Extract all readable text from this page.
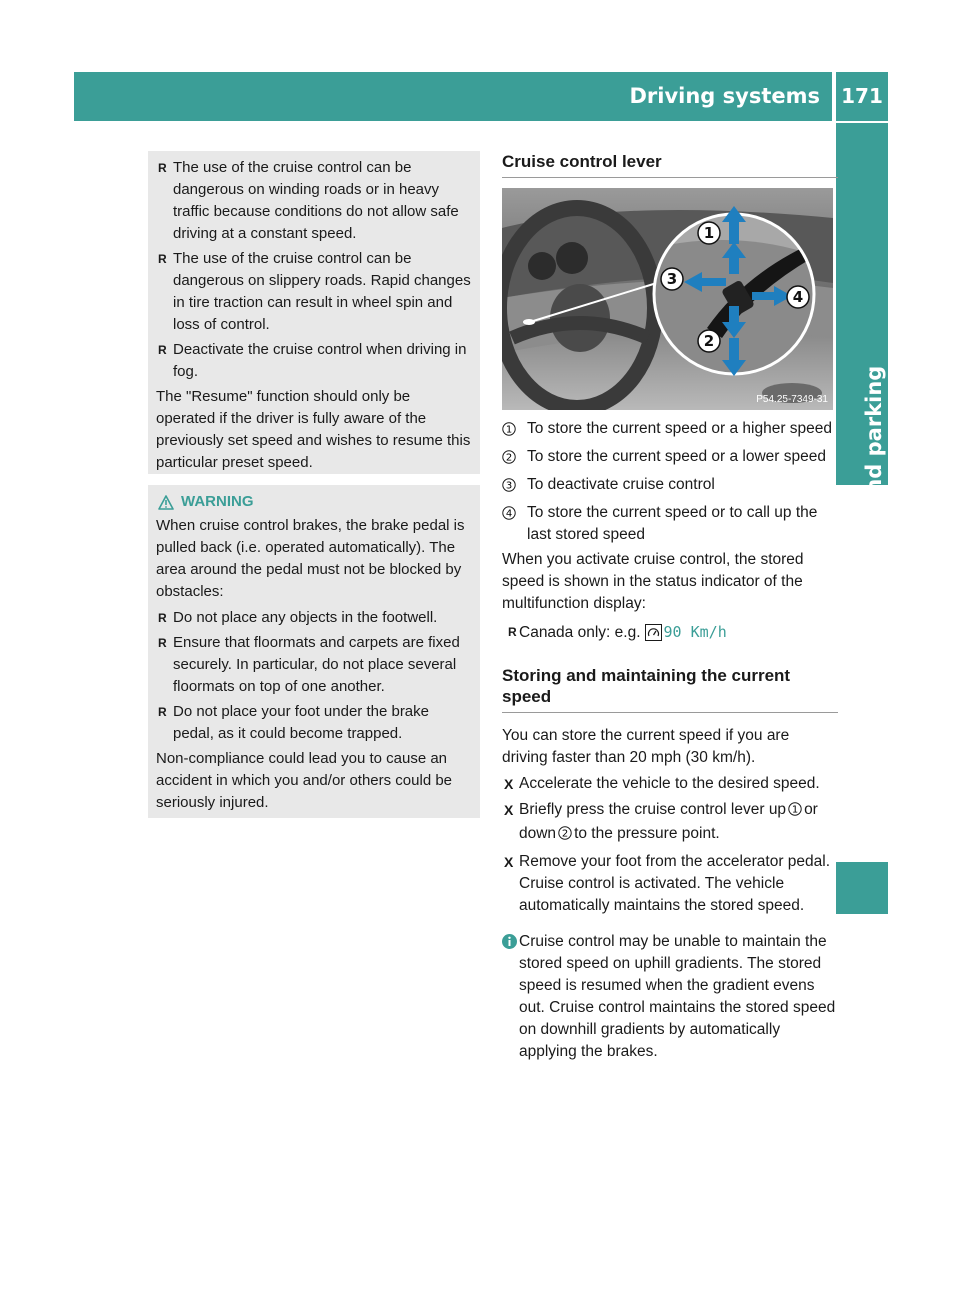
Driving systems 171
Driving and parking
R The use of the cruise control can be dangerous on winding roads or in heavy traffic because conditions do not allow safe driving at a constant speed.
R The use of the cruise control can be dangerous on slippery roads. Rapid changes in tire traction can result in wheel spin and loss of control.
R Deactivate the cruise control when driving in fog.
The "Resume" function should only be operated if the driver is fully aware of the previously set speed and wishes to resume this particular preset speed.
WARNING
When cruise control brakes, the brake pedal is pulled back (i.e. operated automatically). The area around the pedal must not be blocked by obstacles:
R Do not place any objects in the footwell.
R Ensure that floormats and carpets are fixed securely. In particular, do not place several floormats on top of one another.
R Do not place your foot under the brake pedal, as it could become trapped.
Non-compliance could lead you to cause an accident in which you and/or others could be seriously injured.
Cruise control lever
1
2
3
4
P54.25-7349-31
1 To store the current speed or a higher speed
2 To store the current speed or a lower speed
3 To deactivate cruise control
4 To store the current speed or to call up the last stored speed
When you activate cruise control, the stored speed is shown in the status indicator of the multifunction display:
R Canada only: e.g. 90 Km/h
Storing and maintaining the current speed
You can store the current speed if you are driving faster than 20 mph (30 km/h).
X Accelerate the vehicle to the desired speed.
X Briefly press the cruise control lever up 1 or down 2 to the pressure point.
X Remove your foot from the accelerator pedal.
Cruise control is activated. The vehicle automatically maintains the stored speed.
Cruise control may be unable to maintain the stored speed on uphill gradients. The stored speed is resumed when the gradient evens out. Cruise control maintains the stored speed on downhill gradients by automatically applying the brakes.
